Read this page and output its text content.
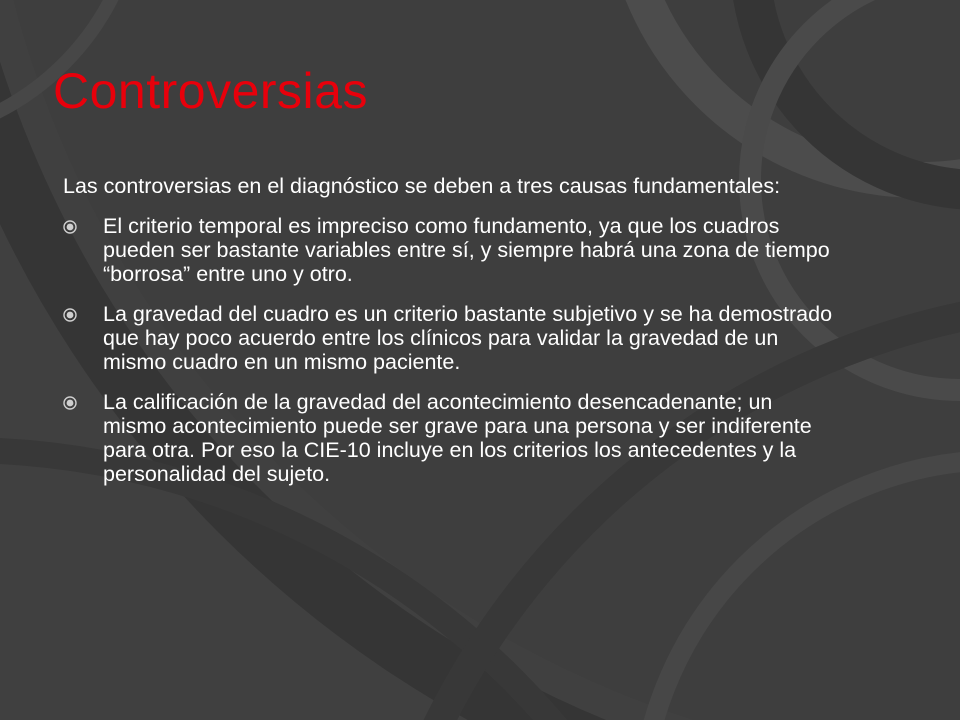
Controversias

Las controversias en el diagnóstico se deben a tres causas fundamentales:

El criterio temporal es impreciso como fundamento, ya que los cuadros pueden ser bastante variables entre sí, y siempre habrá una zona de tiempo “borrosa” entre uno y otro.
La gravedad del cuadro es un criterio bastante subjetivo y se ha demostrado que hay poco acuerdo entre los clínicos para validar la gravedad de un mismo cuadro en un mismo paciente.
La calificación de la gravedad del acontecimiento desencadenante; un mismo acontecimiento puede ser grave para una persona y ser indiferente para otra. Por eso la CIE-10 incluye en los criterios los antecedentes y la personalidad del sujeto.
